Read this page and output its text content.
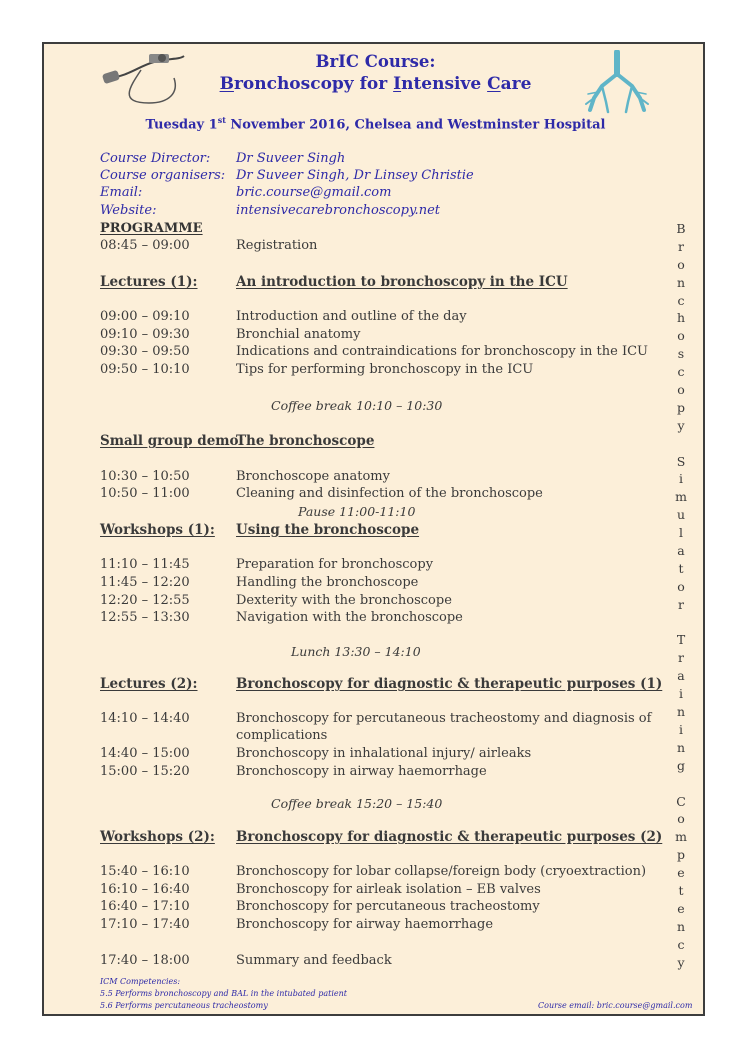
BrIC Course:
Bronchoscopy for Intensive Care
Tuesday 1st November 2016, Chelsea and Westminster Hospital
Course Director: Dr Suveer Singh
Course organisers: Dr Suveer Singh, Dr Linsey Christie
Email:	bric.course@gmail.com
Website:	intensivecarebronchoscopy.net
PROGRAMME
08:45 – 09:00	Registration
Lectures (1):	An introduction to bronchoscopy in the ICU
09:00 – 09:10	Introduction and outline of the day
09:10 – 09:30	Bronchial anatomy
09:30 – 09:50	Indications and contraindications for bronchoscopy in the ICU
09:50 – 10:10	Tips for performing bronchoscopy in the ICU
Coffee break 10:10 – 10:30
Small group demo:
The bronchoscope
10:30 – 10:50	Bronchoscope anatomy
10:50 – 11:00	Cleaning and disinfection of the bronchoscope
Pause 11:00-11:10
Workshops (1): Using the bronchoscope
11:10 – 11:45	Preparation for bronchoscopy
11:45 – 12:20	Handling the bronchoscope
12:20 – 12:55	Dexterity with the bronchoscope
12:55 – 13:30	Navigation with the bronchoscope
Lunch 13:30 – 14:10
Lectures (2):	Bronchoscopy for diagnostic & therapeutic purposes (1)
14:10 – 14:40	Bronchoscopy for percutaneous tracheostomy and diagnosis of
complications
14:40 – 15:00	Bronchoscopy in inhalational injury/ airleaks
15:00 – 15:20	Bronchoscopy in airway haemorrhage
Coffee break 15:20 – 15:40
Workshops (2): Bronchoscopy for diagnostic & therapeutic purposes (2)
15:40 – 16:10	Bronchoscopy for lobar collapse/foreign body (cryoextraction)
16:10 – 16:40	Bronchoscopy for airleak isolation – EB valves
16:40 – 17:10	Bronchoscopy for percutaneous tracheostomy
17:10 – 17:40	Bronchoscopy for airway haemorrhage
17:40 – 18:00	Summary and feedback
B
r
o
n
c
h
o
s
c
o
p
y

S
i
m
u
l
a
t
o
r

T
r
a
i
n
i
n
g

C
o
m
p
e
t
e
n
c
y
ICM Competencies:
5.5 Performs bronchoscopy and BAL in the intubated patient
5.6 Performs percutaneous tracheostomy	Course email: bric.course@gmail.com
